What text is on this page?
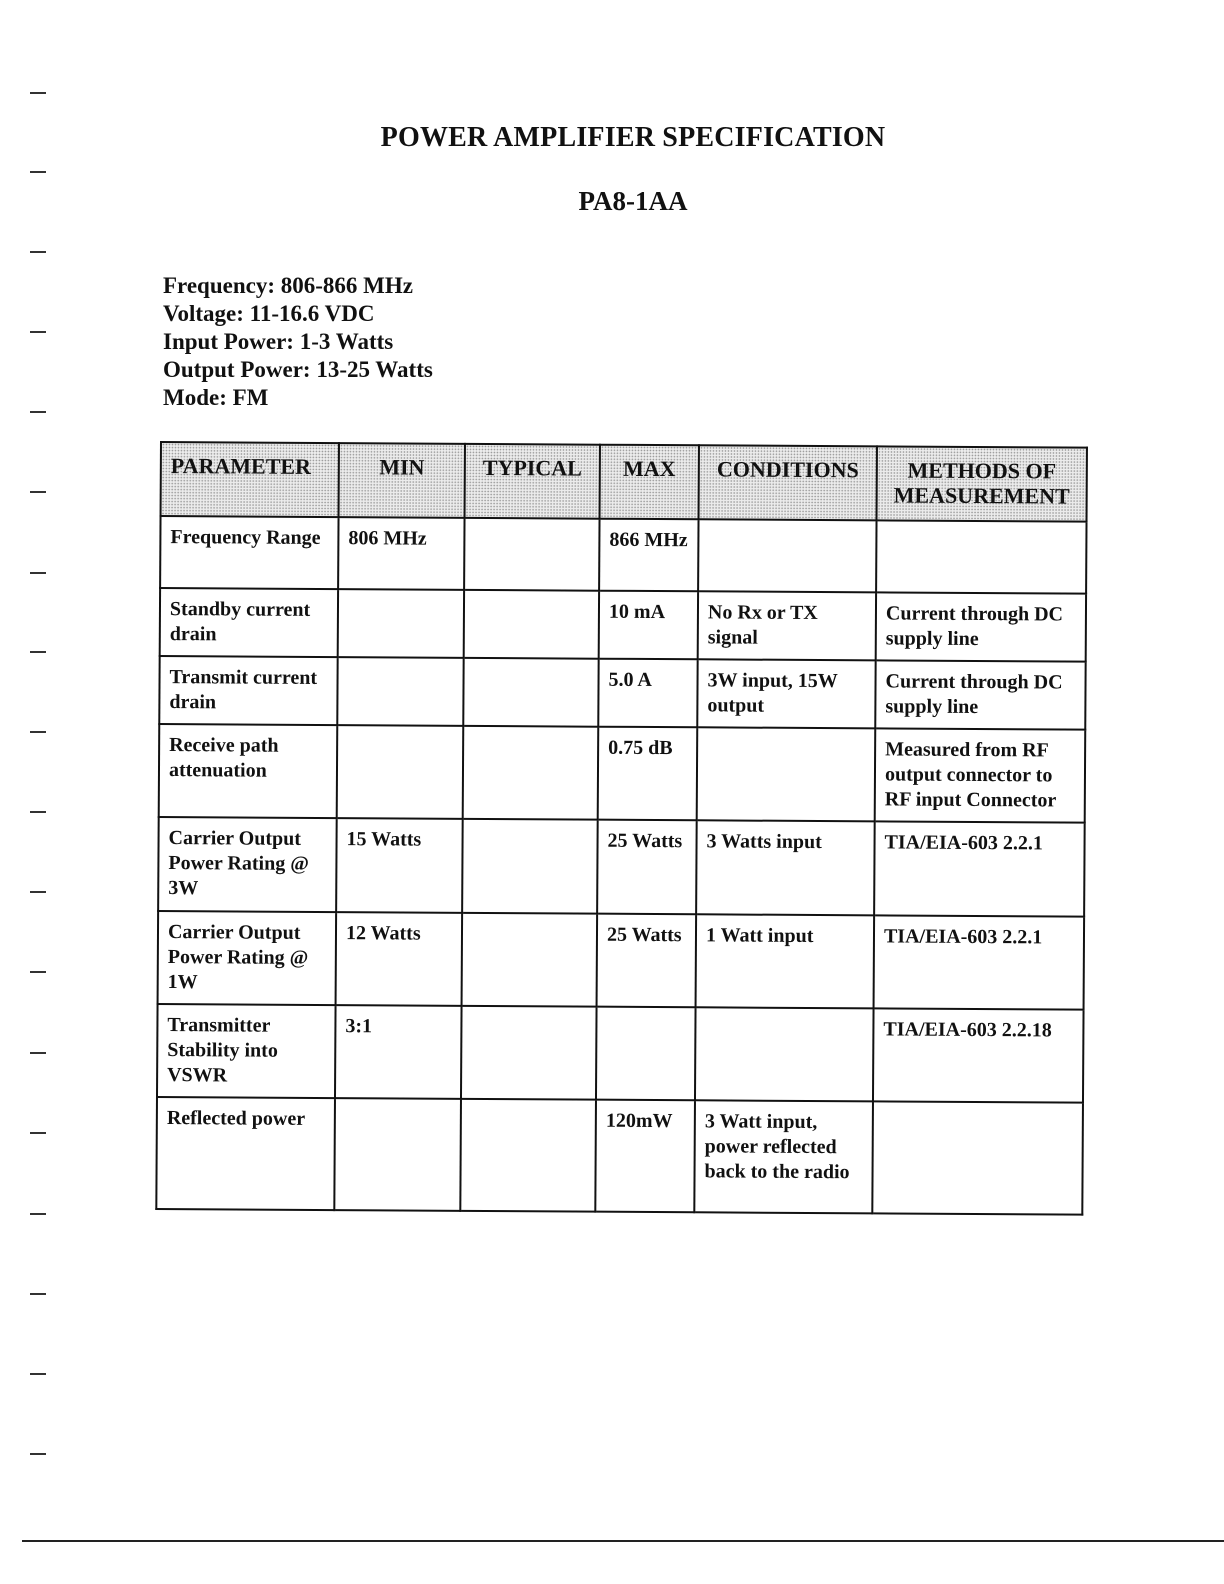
POWER AMPLIFIER SPECIFICATION
PA8-1AA
Frequency: 806-866 MHz
Voltage: 11-16.6 VDC
Input Power: 1-3 Watts
Output Power: 13-25 Watts
Mode: FM
PARAMETER	MIN	TYPICAL	MAX	CONDITIONS	METHODS OF MEASUREMENT
Frequency Range	806 MHz		866 MHz		
Standby current drain			10 mA	No Rx or TX signal	Current through DC supply line
Transmit current drain			5.0 A	3W input, 15W output	Current through DC supply line
Receive path attenuation			0.75 dB		Measured from RF output connector to RF input Connector
Carrier Output Power Rating @ 3W	15 Watts		25 Watts	3 Watts input	TIA/EIA-603 2.2.1
Carrier Output Power Rating @ 1W	12 Watts		25 Watts	1 Watt input	TIA/EIA-603 2.2.1
Transmitter Stability into VSWR	3:1				TIA/EIA-603 2.2.18
Reflected power			120mW	3 Watt input, power reflected back to the radio	
